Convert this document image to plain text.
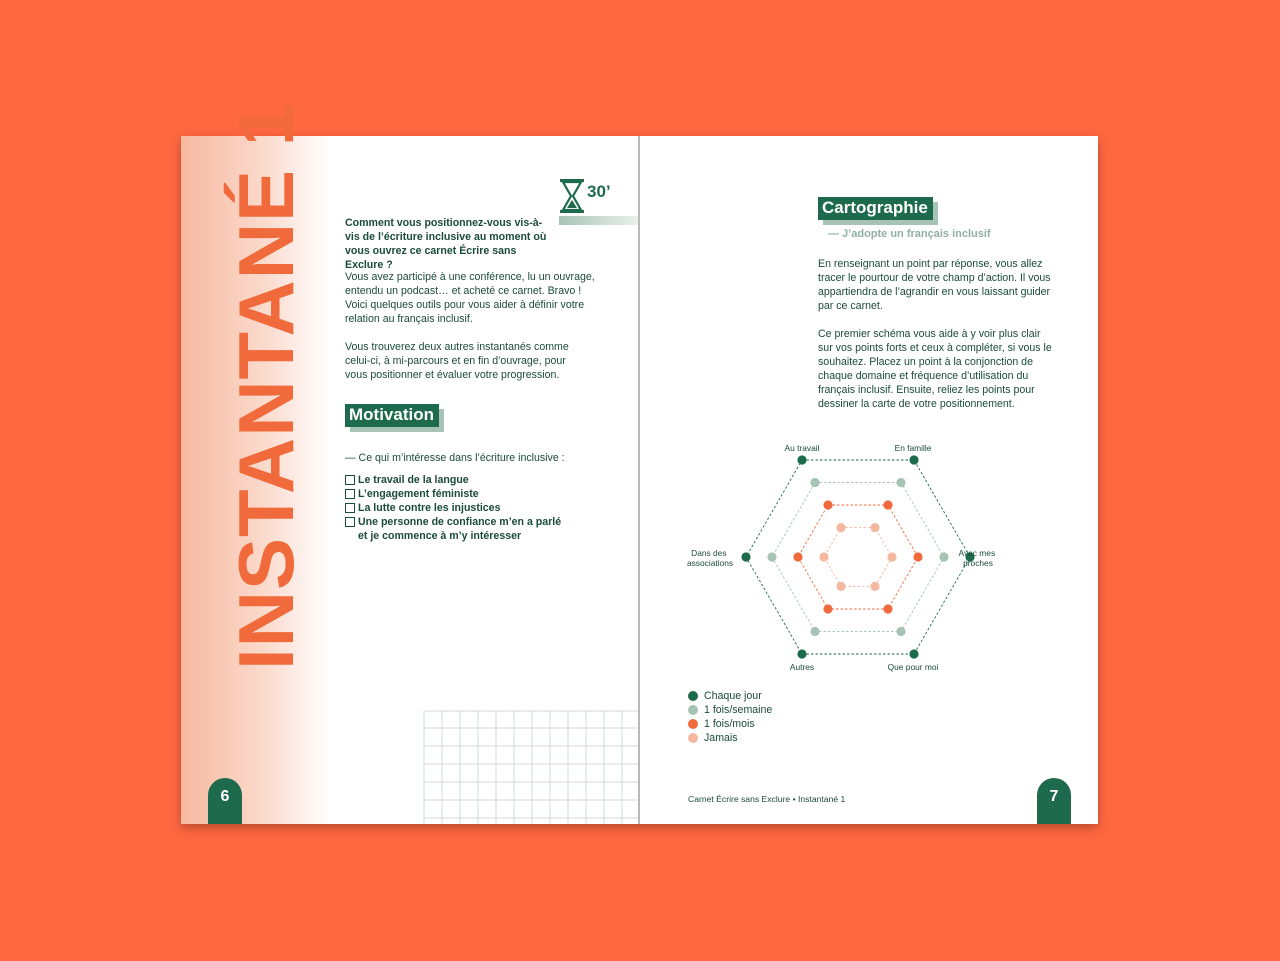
INSTANTANÉ 1	30’
Comment vous positionnez-vous vis-à-vis de l’écriture inclusive au moment où vous ouvrez ce carnet Écrire sans Exclure ?
Vous avez participé à une conférence, lu un ouvrage, entendu un podcast… et acheté ce carnet. Bravo ! Voici quelques outils pour vous aider à définir votre relation au français inclusif.
Vous trouverez deux autres instantanés comme celui-ci, à mi-parcours et en fin d’ouvrage, pour vous positionner et évaluer votre progression.
Motivation
— Ce qui m’intéresse dans l’écriture inclusive :
Le travail de la langue
L’engagement féministe
La lutte contre les injustices
Une personne de confiance m’en a parlé
et je commence à m’y intéresser
6
Cartographie
— J’adopte un français inclusif
En renseignant un point par réponse, vous allez tracer le pourtour de votre champ d’action. Il vous appartiendra de l’agrandir en vous laissant guider par ce carnet.
Ce premier schéma vous aide à y voir plus clair sur vos points forts et ceux à compléter, si vous le souhaitez. Placez un point à la conjonction de chaque domaine et fréquence d’utilisation du français inclusif. Ensuite, reliez les points pour dessiner la carte de votre positionnement.
Au travail	En famille
Avec mes proches
Que pour moi
Autres
Dans des associations
Chaque jour
1 fois/semaine
1 fois/mois
Jamais
Carnet Écrire sans Exclure • Instantané 1	7
